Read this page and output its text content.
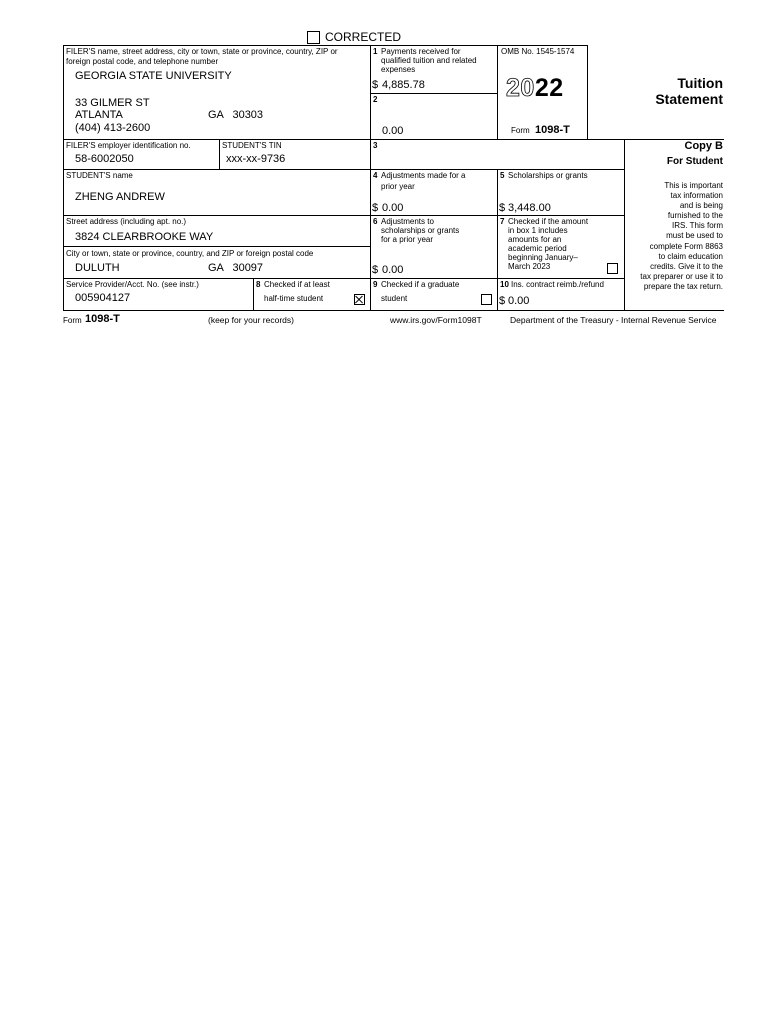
CORRECTED
FILER'S name, street address, city or town, state or province, country, ZIP or
foreign postal code, and telephone number
GEORGIA STATE UNIVERSITY
33 GILMER ST
ATLANTA	GA   30303
(404) 413-2600
1 Payments received for
qualified tuition and related
expenses
$ 4,885.78
2
0.00
OMB No. 1545-1574
2022
Form 1098-T
Tuition
Statement
FILER'S employer identification no.
58-6002050
STUDENT'S TIN
xxx-xx-9736
3	Copy B
For Student
This is important
tax information
and is being
furnished to the
IRS. This form
must be used to
complete Form 8863
to claim education
credits. Give it to the
tax preparer or use it to
prepare the tax return.
STUDENT'S name
ZHENG ANDREW
4 Adjustments made for a
prior year
$ 0.00
5 Scholarships or grants
$ 3,448.00
Street address (including apt. no.)
3824 CLEARBROOKE WAY
City or town, state or province, country, and ZIP or foreign postal code
DULUTH	GA   30097
6 Adjustments to
scholarships or grants
for a prior year
$ 0.00
7 Checked if the amount
in box 1 includes
amounts for an
academic period
beginning January–
March 2023
Service Provider/Acct. No. (see instr.)
005904127
8 Checked if at least
half-time student
9 Checked if a graduate
student
10 Ins. contract reimb./refund
$ 0.00
Form 1098-T	(keep for your records)	www.irs.gov/Form1098T	Department of the Treasury - Internal Revenue Service
